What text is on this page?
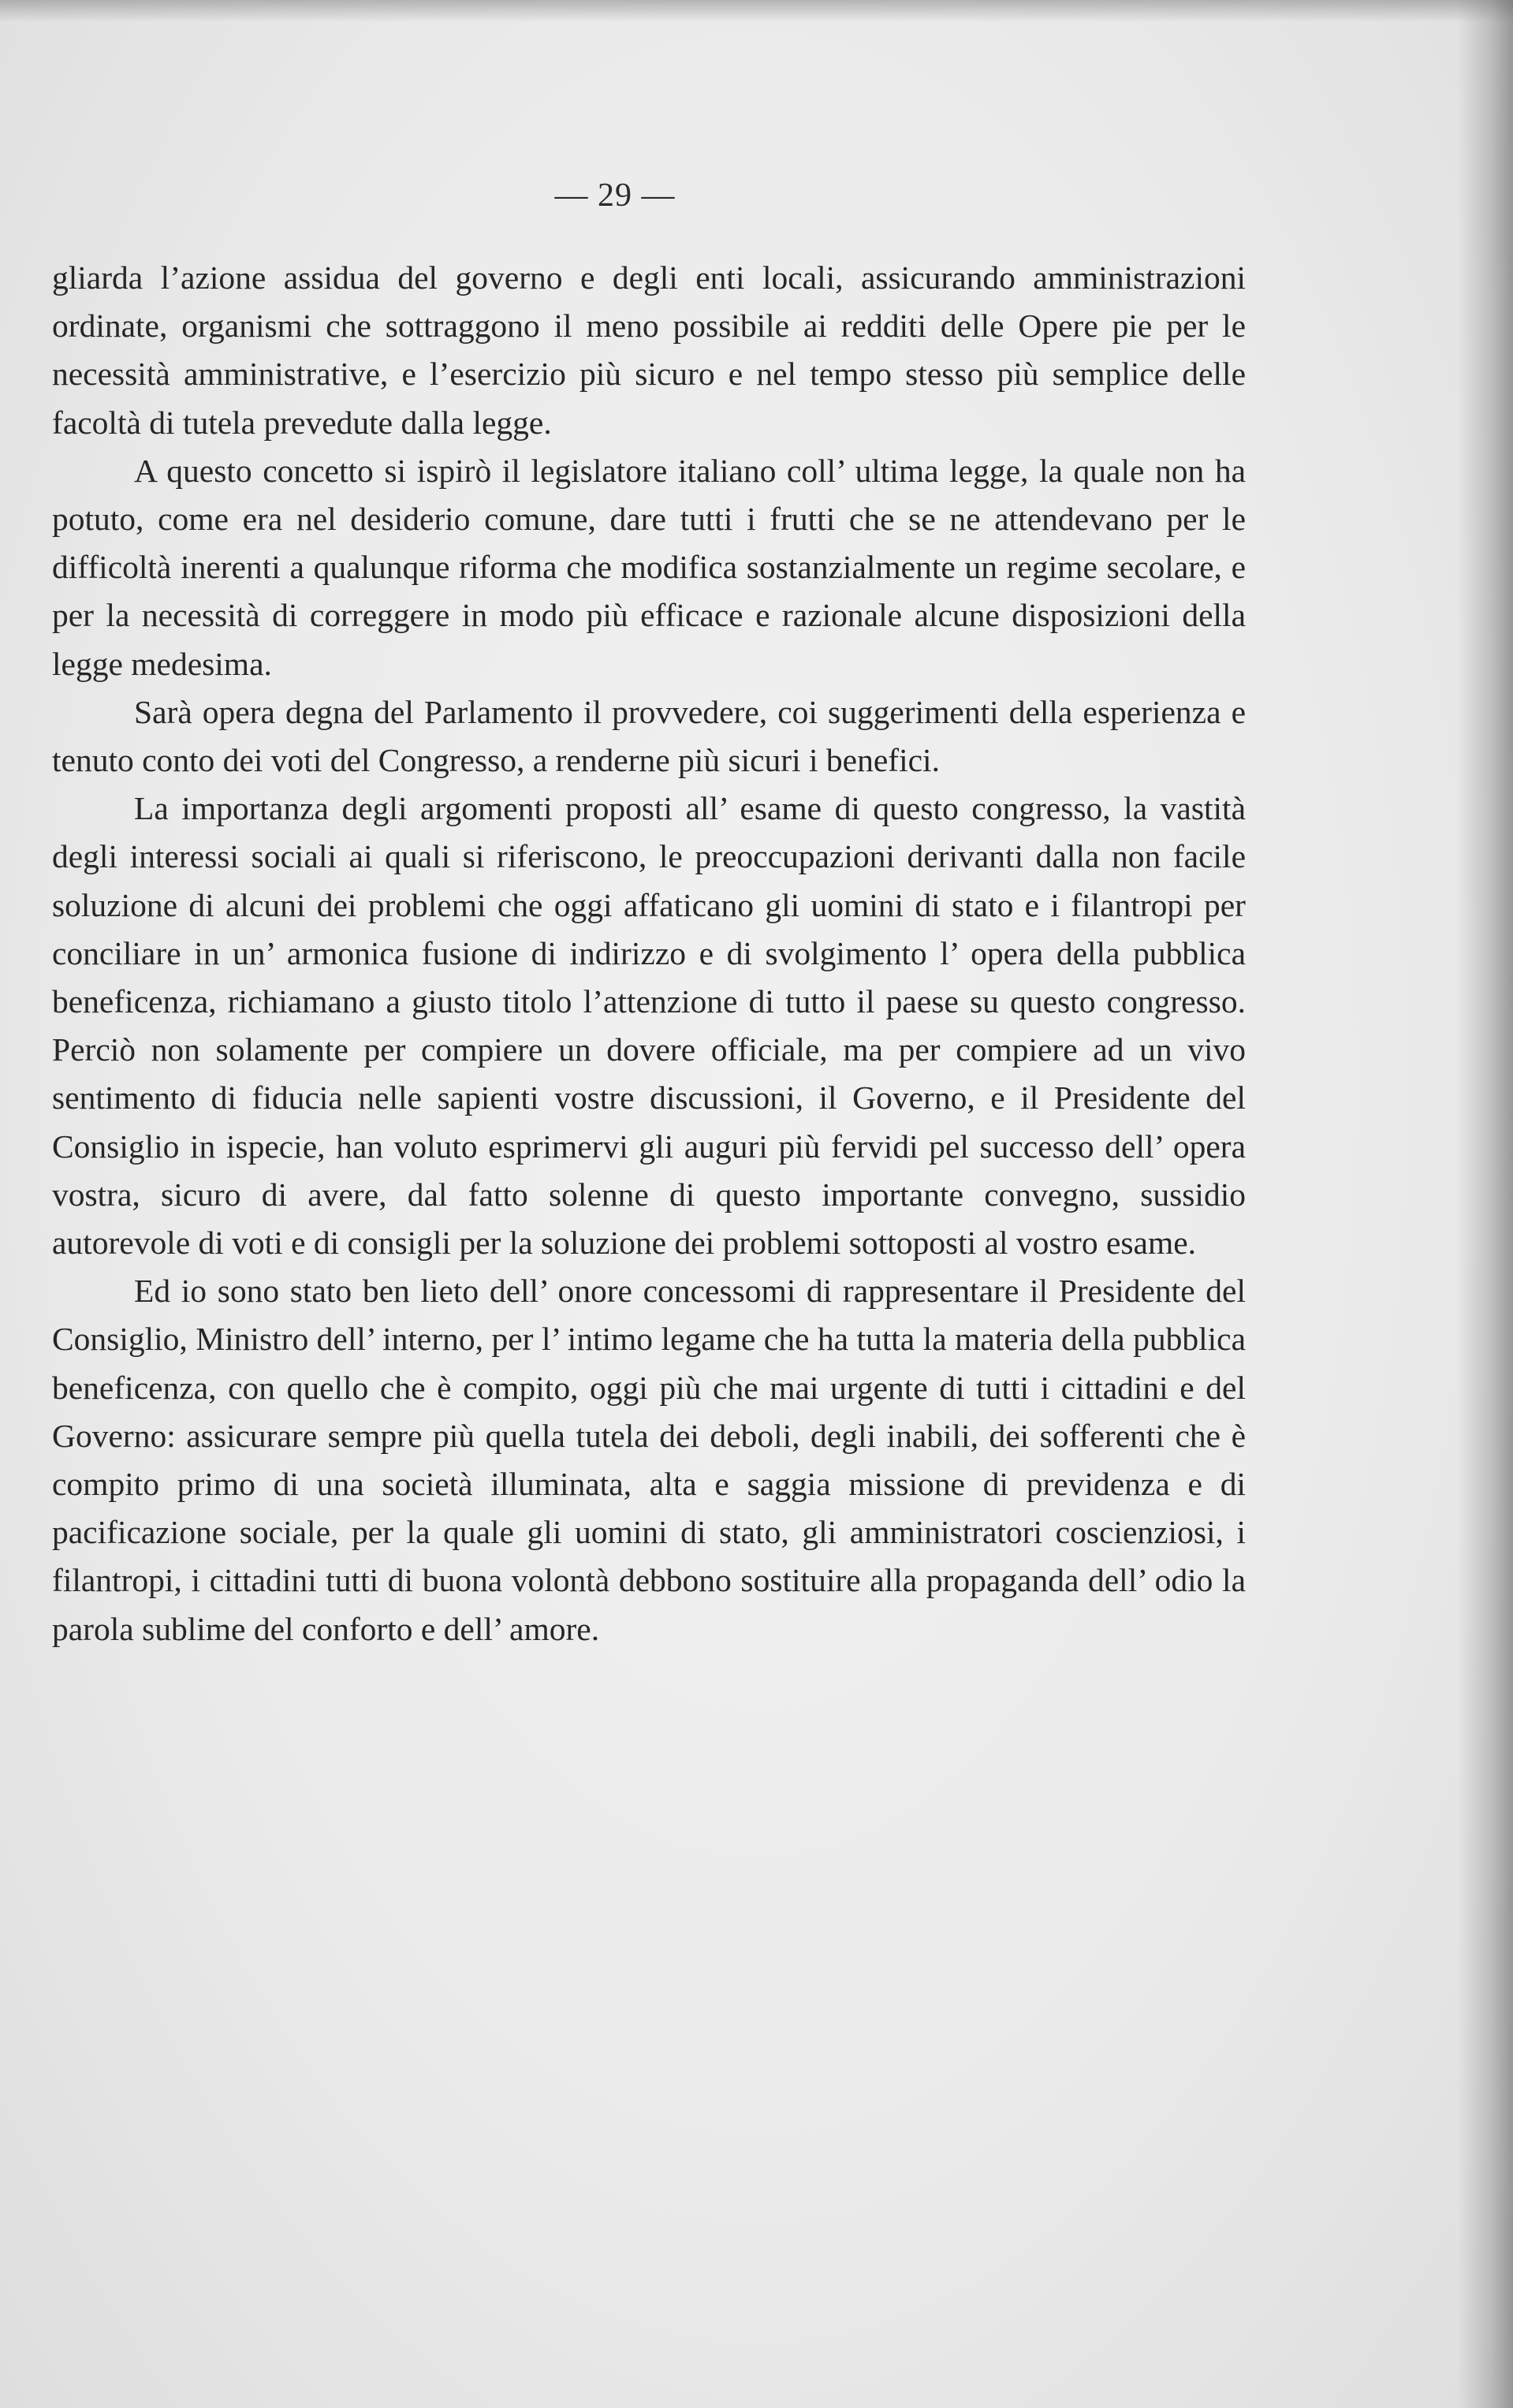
— 29 —

gliarda l’azione assidua del governo e degli enti locali, assicurando amministrazioni ordinate, organismi che sottraggono il meno possibile ai redditi delle Opere pie per le necessità amministrative, e l’esercizio più sicuro e nel tempo stesso più semplice delle facoltà di tutela prevedute dalla legge.

A questo concetto si ispirò il legislatore italiano coll’ ultima legge, la quale non ha potuto, come era nel desiderio comune, dare tutti i frutti che se ne attendevano per le difficoltà inerenti a qualunque riforma che modifica sostanzialmente un regime secolare, e per la necessità di correggere in modo più efficace e razionale alcune disposizioni della legge medesima.

Sarà opera degna del Parlamento il provvedere, coi suggerimenti della esperienza e tenuto conto dei voti del Congresso, a renderne più sicuri i benefici.

La importanza degli argomenti proposti all’ esame di questo congresso, la vastità degli interessi sociali ai quali si riferiscono, le preoccupazioni derivanti dalla non facile soluzione di alcuni dei problemi che oggi affaticano gli uomini di stato e i filantropi per conciliare in un’ armonica fusione di indirizzo e di svolgimento l’ opera della pubblica beneficenza, richiamano a giusto titolo l’attenzione di tutto il paese su questo congresso. Perciò non solamente per compiere un dovere officiale, ma per compiere ad un vivo sentimento di fiducia nelle sapienti vostre discussioni, il Governo, e il Presidente del Consiglio in ispecie, han voluto esprimervi gli auguri più fervidi pel successo dell’ opera vostra, sicuro di avere, dal fatto solenne di questo importante convegno, sussidio autorevole di voti e di consigli per la soluzione dei problemi sottoposti al vostro esame.

Ed io sono stato ben lieto dell’ onore concessomi di rappresentare il Presidente del Consiglio, Ministro dell’ interno, per l’ intimo legame che ha tutta la materia della pubblica beneficenza, con quello che è compito, oggi più che mai urgente di tutti i cittadini e del Governo: assicurare sempre più quella tutela dei deboli, degli inabili, dei sofferenti che è compito primo di una società illuminata, alta e saggia missione di previdenza e di pacificazione sociale, per la quale gli uomini di stato, gli amministratori coscienziosi, i filantropi, i cittadini tutti di buona volontà debbono sostituire alla propaganda dell’ odio la parola sublime del conforto e dell’ amore.
